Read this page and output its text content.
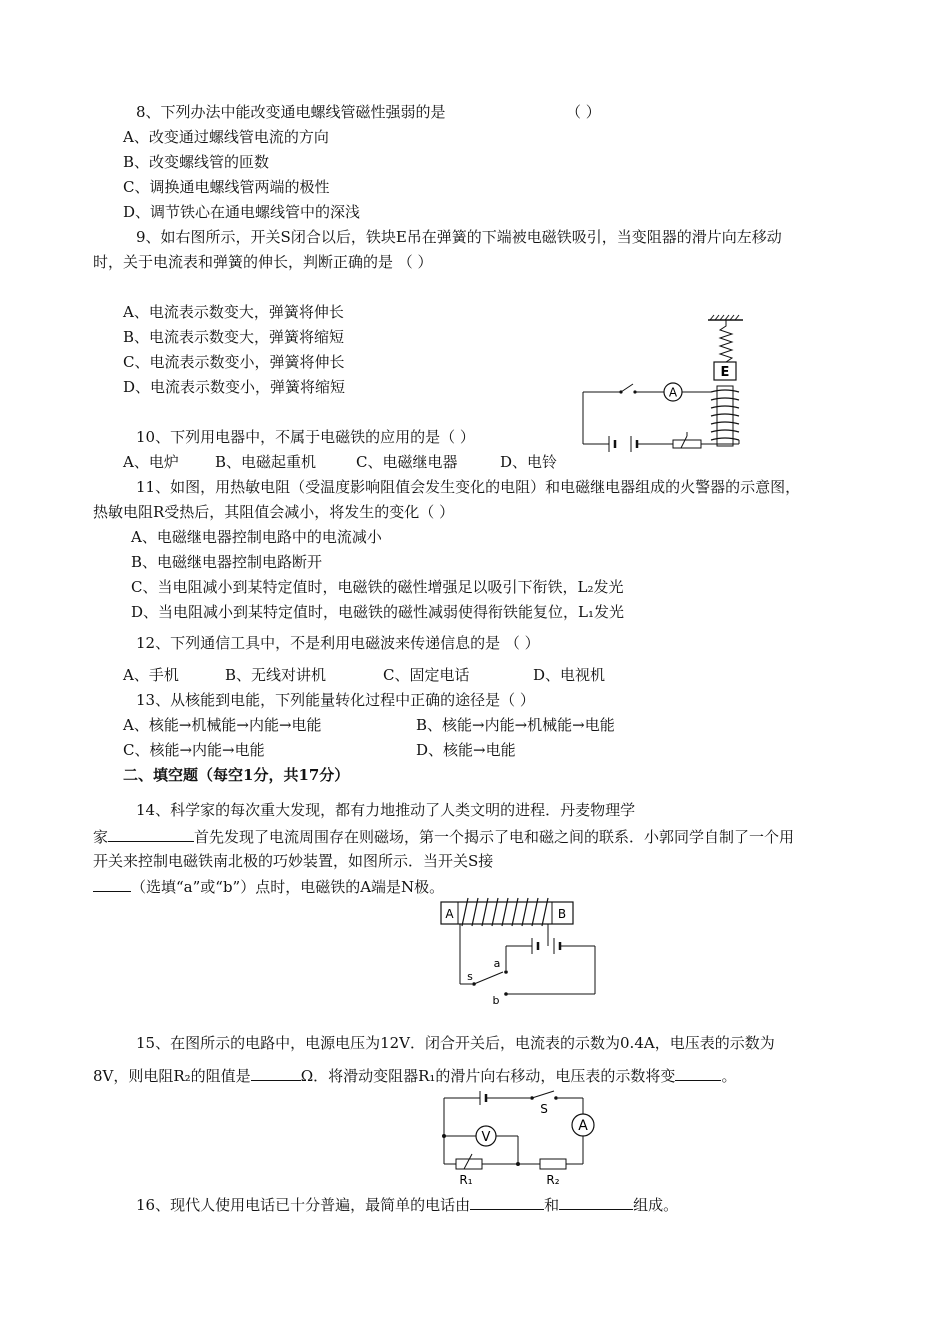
8、下列办法中能改变通电螺线管磁性强弱的是	（ ）
A、改变通过螺线管电流的方向
B、改变螺线管的匝数
C、调换通电螺线管两端的极性
D、调节铁心在通电螺线管中的深浅
9、如右图所示，开关S闭合以后，铁块E吊在弹簧的下端被电磁铁吸引，当变阻器的滑片向左移动
时，关于电流表和弹簧的伸长，判断正确的是 （ ）
A、电流表示数变大，弹簧将伸长
B、电流表示数变大，弹簧将缩短
C、电流表示数变小，弹簧将伸长
D、电流表示数变小，弹簧将缩短
E
A
10、下列用电器中，不属于电磁铁的应用的是（ ）
A、电炉 B、电磁起重机	C、电磁继电器	D、电铃
11、如图，用热敏电阻（受温度影响阻值会发生变化的电阻）和电磁继电器组成的火警器的示意图，
热敏电阻R受热后，其阻值会减小，将发生的变化（ ）
A、电磁继电器控制电路中的电流减小
B、电磁继电器控制电路断开
C、当电阻减小到某特定值时，电磁铁的磁性增强足以吸引下衔铁，L₂发光
D、当电阻减小到某特定值时，电磁铁的磁性减弱使得衔铁能复位，L₁发光
12、下列通信工具中，不是利用电磁波来传递信息的是 （ ）
A、手机	B、无线对讲机	C、固定电话	D、电视机
13、从核能到电能，下列能量转化过程中正确的途径是（ ）
A、核能→机械能→内能→电能	B、核能→内能→机械能→电能
C、核能→内能→电能	D、核能→电能
二、填空题（每空1分，共17分）
14、科学家的每次重大发现，都有力地推动了人类文明的进程．丹麦物理学
家	首先发现了电流周围存在则磁场，第一个揭示了电和磁之间的联系．小郭同学自制了一个用
开关来控制电磁铁南北极的巧妙装置，如图所示．当开关S接
（选填“a”或“b”）点时，电磁铁的A端是N极。
A	B
s
a
b
15、在图所示的电路中，电源电压为12V．闭合开关后，电流表的示数为0.4A，电压表的示数为
8V，则电阻R₂的阻值是	Ω．将滑动变阻器R₁的滑片向右移动，电压表的示数将变	。
S
A
V
R₁	R₂
16、现代人使用电话已十分普遍，最简单的电话由	和	组成。
